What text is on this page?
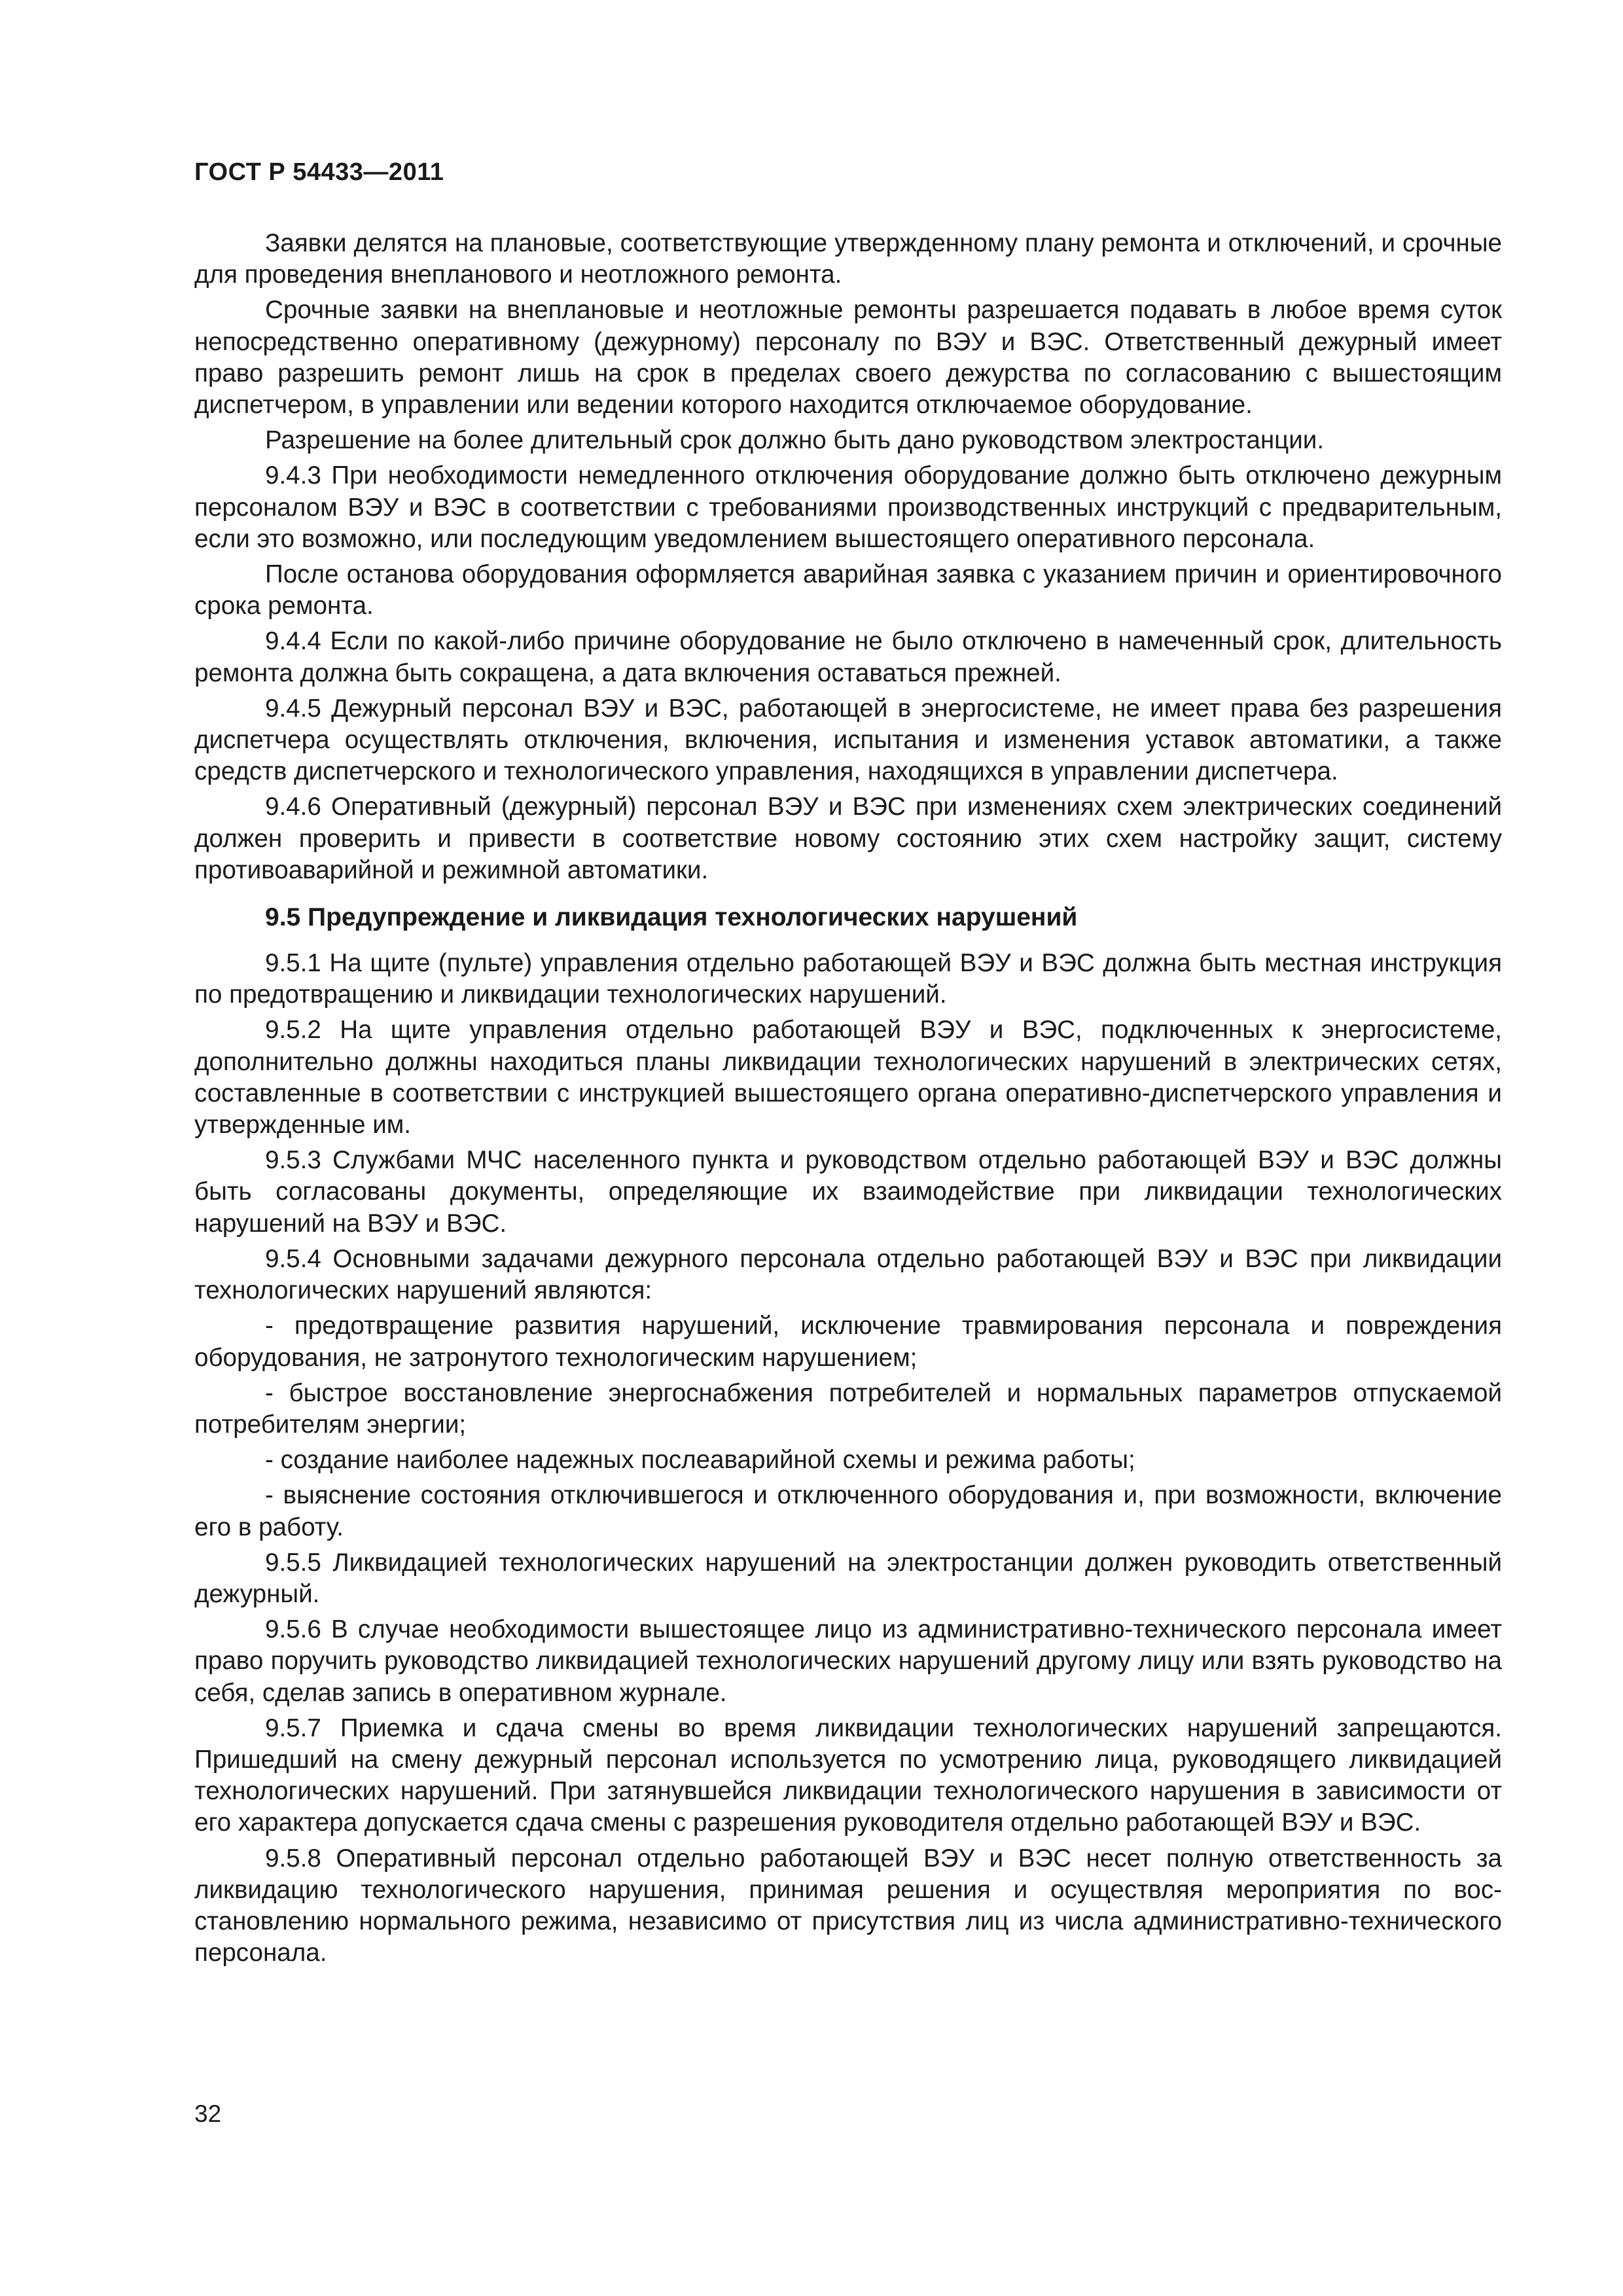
ГОСТ Р 54433—2011

Заявки делятся на плановые, соответствующие утвержденному плану ремонта и отключений, и срочные для проведения внепланового и неотложного ремонта.

Срочные заявки на внеплановые и неотложные ремонты разрешается подавать в любое время суток непосредственно оперативному (дежурному) персоналу по ВЭУ и ВЭС. Ответственный дежурный имеет право разрешить ремонт лишь на срок в пределах своего дежурства по согласованию с вышестоящим диспетчером, в управлении или ведении которого находится отключаемое оборудование.

Разрешение на более длительный срок должно быть дано руководством электростанции.

9.4.3 При необходимости немедленного отключения оборудование должно быть отключено дежурным персоналом ВЭУ и ВЭС в соответствии с требованиями производственных инструкций с предварительным, если это возможно, или последующим уведомлением вышестоящего оперативного персонала.

После останова оборудования оформляется аварийная заявка с указанием причин и ориентировочного срока ремонта.

9.4.4 Если по какой-либо причине оборудование не было отключено в намеченный срок, длительность ремонта должна быть сокращена, а дата включения оставаться прежней.

9.4.5 Дежурный персонал ВЭУ и ВЭС, работающей в энергосистеме, не имеет права без разрешения диспетчера осуществлять отключения, включения, испытания и изменения уставок автоматики, а также средств диспетчерского и технологического управления, находящихся в управлении диспетчера.

9.4.6 Оперативный (дежурный) персонал ВЭУ и ВЭС при изменениях схем электрических соединений должен проверить и привести в соответствие новому состоянию этих схем настройку защит, систему противоаварийной и режимной автоматики.

9.5 Предупреждение и ликвидация технологических нарушений

9.5.1 На щите (пульте) управления отдельно работающей ВЭУ и ВЭС должна быть местная инструкция по предотвращению и ликвидации технологических нарушений.

9.5.2 На щите управления отдельно работающей ВЭУ и ВЭС, подключенных к энергосистеме, дополнительно должны находиться планы ликвидации технологических нарушений в электрических сетях, составленные в соответствии с инструкцией вышестоящего органа оперативно-диспетчерского управления и утвержденные им.

9.5.3 Службами МЧС населенного пункта и руководством отдельно работающей ВЭУ и ВЭС должны быть согласованы документы, определяющие их взаимодействие при ликвидации технологических нарушений на ВЭУ и ВЭС.

9.5.4 Основными задачами дежурного персонала отдельно работающей ВЭУ и ВЭС при ликвидации технологических нарушений являются:

- предотвращение развития нарушений, исключение травмирования персонала и повреждения оборудования, не затронутого технологическим нарушением;

- быстрое восстановление энергоснабжения потребителей и нормальных параметров отпускаемой потребителям энергии;

- создание наиболее надежных послеаварийной схемы и режима работы;

- выяснение состояния отключившегося и отключенного оборудования и, при возможности, включение его в работу.

9.5.5 Ликвидацией технологических нарушений на электростанции должен руководить ответственный дежурный.

9.5.6 В случае необходимости вышестоящее лицо из административно-технического персонала имеет право поручить руководство ликвидацией технологических нарушений другому лицу или взять руководство на себя, сделав запись в оперативном журнале.

9.5.7 Приемка и сдача смены во время ликвидации технологических нарушений запрещаются. Пришедший на смену дежурный персонал используется по усмотрению лица, руководящего ликвидацией технологических нарушений. При затянувшейся ликвидации технологического нарушения в зависимости от его характера допускается сдача смены с разрешения руководителя отдельно работающей ВЭУ и ВЭС.

9.5.8 Оперативный персонал отдельно работающей ВЭУ и ВЭС несет полную ответственность за ликвидацию технологического нарушения, принимая решения и осуществляя мероприятия по восстановлению нормального режима, независимо от присутствия лиц из числа административно-технического персонала.

32
